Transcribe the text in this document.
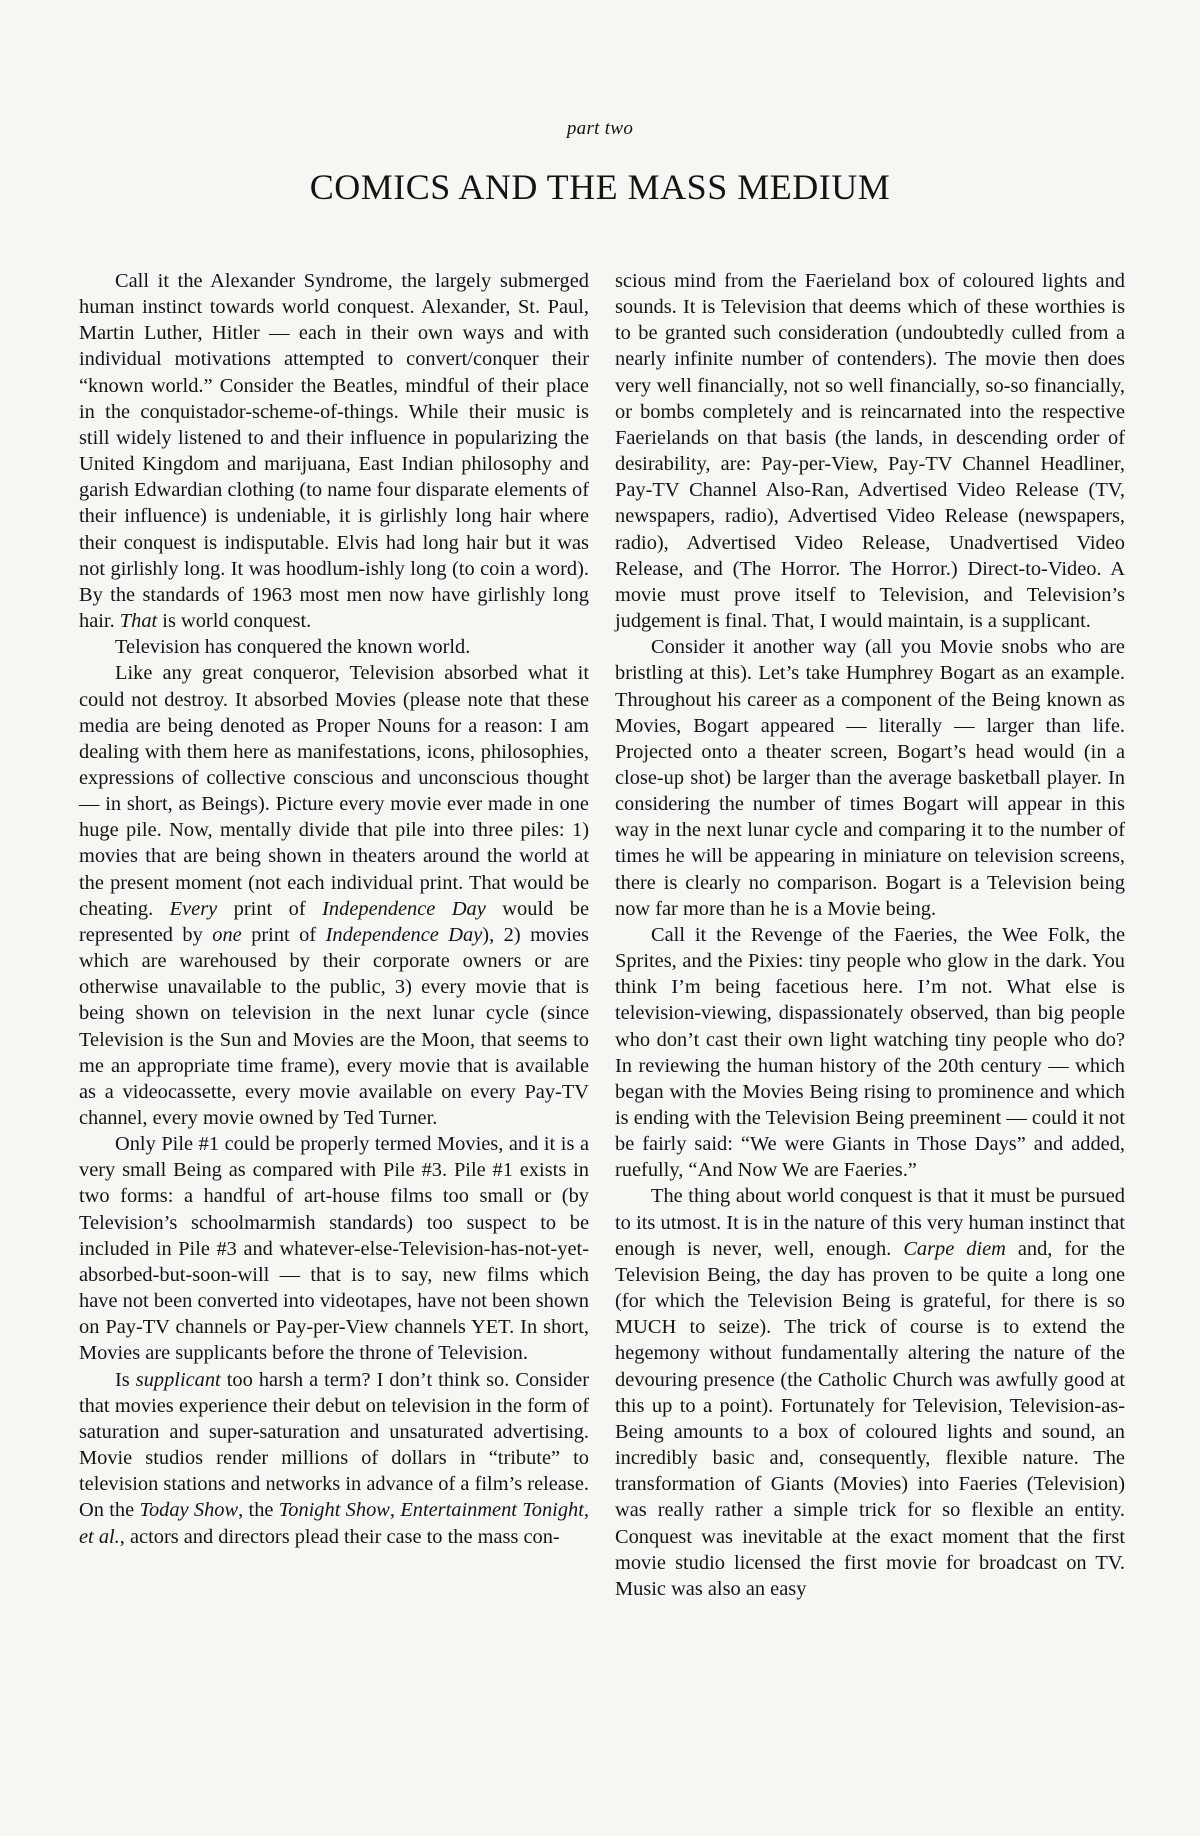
part two
COMICS AND THE MASS MEDIUM

Call it the Alexander Syndrome, the largely submerged human instinct towards world conquest. Alexander, St. Paul, Martin Luther, Hitler — each in their own ways and with individual motivations attempted to convert/conquer their “known world.” Consider the Beatles, mindful of their place in the conquistador-scheme-of-things. While their music is still widely listened to and their influence in popularizing the United Kingdom and marijuana, East Indian philosophy and garish Edwardian clothing (to name four disparate elements of their influence) is undeniable, it is girlishly long hair where their conquest is indisputable. Elvis had long hair but it was not girlishly long. It was hoodlum-ishly long (to coin a word). By the standards of 1963 most men now have girlishly long hair. That is world conquest.

Television has conquered the known world.

Like any great conqueror, Television absorbed what it could not destroy. It absorbed Movies (please note that these media are being denoted as Proper Nouns for a reason: I am dealing with them here as manifestations, icons, philosophies, expressions of collective conscious and unconscious thought — in short, as Beings). Picture every movie ever made in one huge pile. Now, mentally divide that pile into three piles: 1) movies that are being shown in theaters around the world at the present moment (not each individual print. That would be cheating. Every print of Independence Day would be represented by one print of Independence Day), 2) movies which are warehoused by their corporate owners or are otherwise unavailable to the public, 3) every movie that is being shown on television in the next lunar cycle (since Television is the Sun and Movies are the Moon, that seems to me an appropriate time frame), every movie that is available as a videocassette, every movie available on every Pay-TV channel, every movie owned by Ted Turner.

Only Pile #1 could be properly termed Movies, and it is a very small Being as compared with Pile #3. Pile #1 exists in two forms: a handful of art-house films too small or (by Television’s schoolmarmish standards) too suspect to be included in Pile #3 and whatever-else-Television-has-not-yet-absorbed-but-soon-will — that is to say, new films which have not been converted into videotapes, have not been shown on Pay-TV channels or Pay-per-View channels YET. In short, Movies are supplicants before the throne of Television.

Is supplicant too harsh a term? I don’t think so. Consider that movies experience their debut on television in the form of saturation and super-saturation and unsaturated advertising. Movie studios render millions of dollars in “tribute” to television stations and networks in advance of a film’s release. On the Today Show, the Tonight Show, Entertainment Tonight, et al., actors and directors plead their case to the mass con-

scious mind from the Faerieland box of coloured lights and sounds. It is Television that deems which of these worthies is to be granted such consideration (undoubtedly culled from a nearly infinite number of contenders). The movie then does very well financially, not so well financially, so-so financially, or bombs completely and is reincarnated into the respective Faerielands on that basis (the lands, in descending order of desirability, are: Pay-per-View, Pay-TV Channel Headliner, Pay-TV Channel Also-Ran, Advertised Video Release (TV, newspapers, radio), Advertised Video Release (newspapers, radio), Advertised Video Release, Unadvertised Video Release, and (The Horror. The Horror.) Direct-to-Video. A movie must prove itself to Television, and Television’s judgement is final. That, I would maintain, is a supplicant.

Consider it another way (all you Movie snobs who are bristling at this). Let’s take Humphrey Bogart as an example. Throughout his career as a component of the Being known as Movies, Bogart appeared — literally — larger than life. Projected onto a theater screen, Bogart’s head would (in a close-up shot) be larger than the average basketball player. In considering the number of times Bogart will appear in this way in the next lunar cycle and comparing it to the number of times he will be appearing in miniature on television screens, there is clearly no comparison. Bogart is a Television being now far more than he is a Movie being.

Call it the Revenge of the Faeries, the Wee Folk, the Sprites, and the Pixies: tiny people who glow in the dark. You think I’m being facetious here. I’m not. What else is television-viewing, dispassionately observed, than big people who don’t cast their own light watching tiny people who do? In reviewing the human history of the 20th century — which began with the Movies Being rising to prominence and which is ending with the Television Being preeminent — could it not be fairly said: “We were Giants in Those Days” and added, ruefully, “And Now We are Faeries.”

The thing about world conquest is that it must be pursued to its utmost. It is in the nature of this very human instinct that enough is never, well, enough. Carpe diem and, for the Television Being, the day has proven to be quite a long one (for which the Television Being is grateful, for there is so MUCH to seize). The trick of course is to extend the hegemony without fundamentally altering the nature of the devouring presence (the Catholic Church was awfully good at this up to a point). Fortunately for Television, Television-as-Being amounts to a box of coloured lights and sound, an incredibly basic and, consequently, flexible nature. The transformation of Giants (Movies) into Faeries (Television) was really rather a simple trick for so flexible an entity. Conquest was inevitable at the exact moment that the first movie studio licensed the first movie for broadcast on TV. Music was also an easy
